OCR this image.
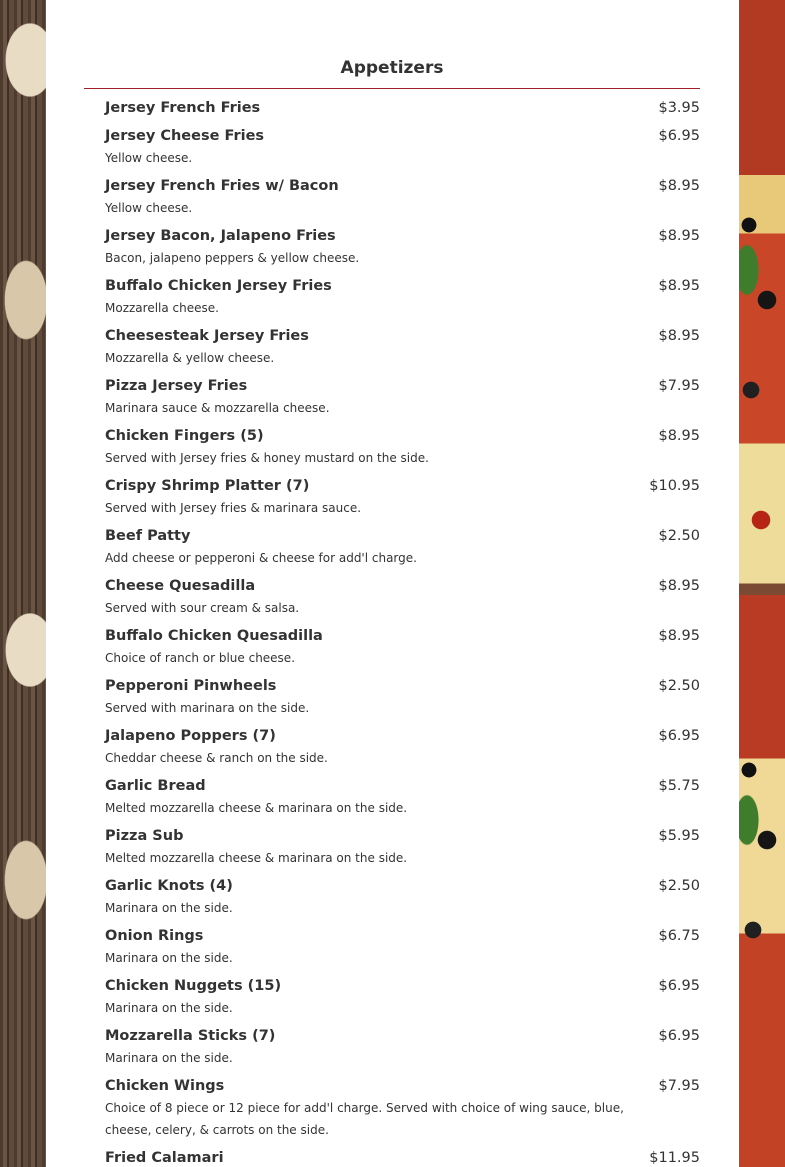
Appetizers
Jersey French Fries	$3.95
Jersey Cheese Fries	$6.95
Yellow cheese.
Jersey French Fries w/ Bacon	$8.95
Yellow cheese.
Jersey Bacon, Jalapeno Fries	$8.95
Bacon, jalapeno peppers & yellow cheese.
Buffalo Chicken Jersey Fries	$8.95
Mozzarella cheese.
Cheesesteak Jersey Fries	$8.95
Mozzarella & yellow cheese.
Pizza Jersey Fries	$7.95
Marinara sauce & mozzarella cheese.
Chicken Fingers (5)	$8.95
Served with Jersey fries & honey mustard on the side.
Crispy Shrimp Platter (7)	$10.95
Served with Jersey fries & marinara sauce.
Beef Patty	$2.50
Add cheese or pepperoni & cheese for add'l charge.
Cheese Quesadilla	$8.95
Served with sour cream & salsa.
Buffalo Chicken Quesadilla	$8.95
Choice of ranch or blue cheese.
Pepperoni Pinwheels	$2.50
Served with marinara on the side.
Jalapeno Poppers (7)	$6.95
Cheddar cheese & ranch on the side.
Garlic Bread	$5.75
Melted mozzarella cheese & marinara on the side.
Pizza Sub	$5.95
Melted mozzarella cheese & marinara on the side.
Garlic Knots (4)	$2.50
Marinara on the side.
Onion Rings	$6.75
Marinara on the side.
Chicken Nuggets (15)	$6.95
Marinara on the side.
Mozzarella Sticks (7)	$6.95
Marinara on the side.
Chicken Wings	$7.95
Choice of 8 piece or 12 piece for add'l charge. Served with choice of wing sauce, blue, cheese, celery, & carrots on the side.
Fried Calamari	$11.95
